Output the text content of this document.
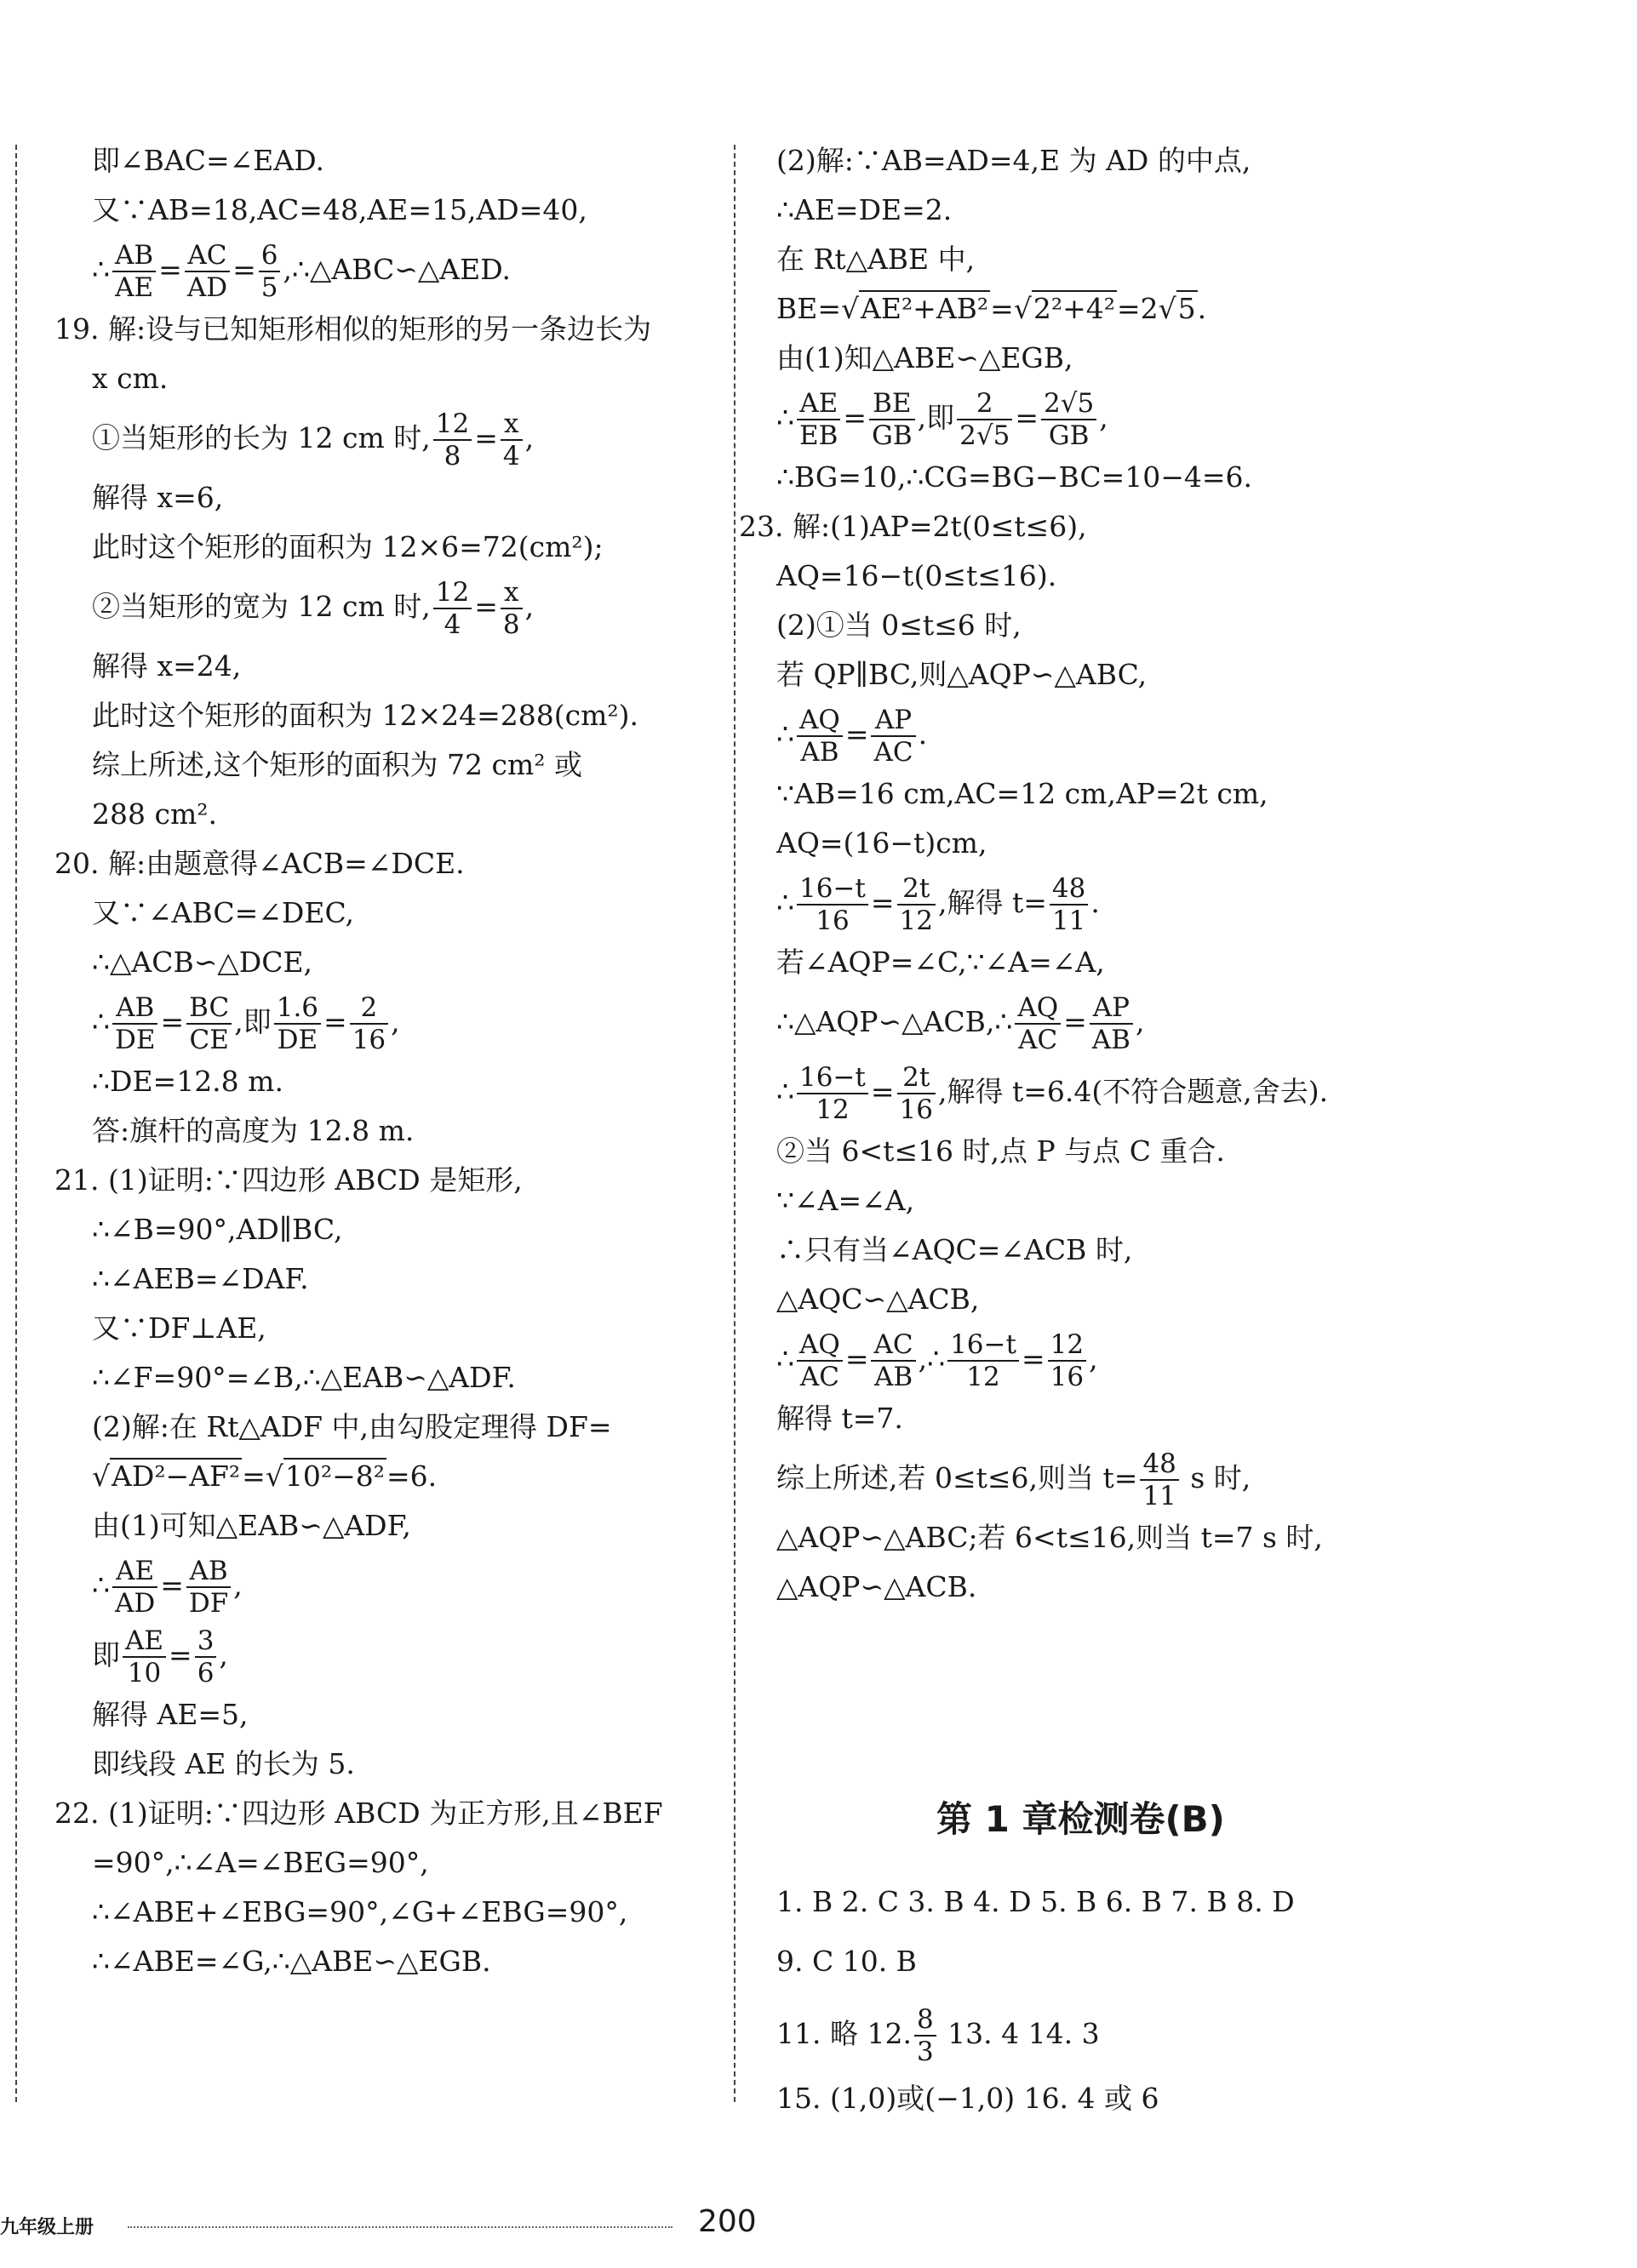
即∠BAC=∠EAD.
又∵AB=18,AC=48,AE=15,AD=40,
∴ $\frac{AB}{AE} = \frac{AC}{AD} = \frac{6}{5}$ ,∴△ABC∽△AED.
19. 解:设与已知矩形相似的矩形的另一条边长为
x cm.
①当矩形的长为 12 cm 时, $\frac{12}{8} = \frac{x}{4}$ ,
解得 x=6,
此时这个矩形的面积为 12×6=72(cm²);
②当矩形的宽为 12 cm 时, $\frac{12}{4} = \frac{x}{8}$ ,
解得 x=24,
此时这个矩形的面积为 12×24=288(cm²).
综上所述,这个矩形的面积为 72 cm² 或
288 cm².
20. 解:由题意得∠ACB=∠DCE.
又∵∠ABC=∠DEC,
∴△ACB∽△DCE,
∴ $\frac{AB}{DE} = \frac{BC}{CE}$ ,即 $\frac{1.6}{DE} = \frac{2}{16}$ ,
∴DE=12.8 m.
答:旗杆的高度为 12.8 m.
21. (1)证明:∵四边形 ABCD 是矩形,
∴∠B=90°,AD∥BC,
∴∠AEB=∠DAF.
又∵DF⊥AE,
∴∠F=90°=∠B,∴△EAB∽△ADF.
(2)解:在 Rt△ADF 中,由勾股定理得 DF=
√AD²−AF²=√10²−8²=6.
由(1)可知△EAB∽△ADF,
∴ $\frac{AE}{AD} = \frac{AB}{DF}$ ,
即 $\frac{AE}{10} = \frac{3}{6}$ ,
解得 AE=5,
即线段 AE 的长为 5.
22. (1)证明:∵四边形 ABCD 为正方形,且∠BEF
=90°,∴∠A=∠BEG=90°,
∴∠ABE+∠EBG=90°,∠G+∠EBG=90°,
∴∠ABE=∠G,∴△ABE∽△EGB.
(2)解:∵AB=AD=4,E 为 AD 的中点,
∴AE=DE=2.
在 Rt△ABE 中,
BE=√AE²+AB²=√2²+4²=2√5.
由(1)知△ABE∽△EGB,
∴ $\frac{AE}{EB} = \frac{BE}{GB}$ ,即 $\frac{2}{2√5} = \frac{2√5}{GB}$ ,
∴BG=10,∴CG=BG−BC=10−4=6.
23. 解:(1)AP=2t(0≤t≤6),
AQ=16−t(0≤t≤16).
(2)①当 0≤t≤6 时,
若 QP∥BC,则△AQP∽△ABC,
∴ $\frac{AQ}{AB} = \frac{AP}{AC}$ .
∵AB=16 cm,AC=12 cm,AP=2t cm,
AQ=(16−t)cm,
∴ $\frac{16-t}{16} = \frac{2t}{12}$ ,解得 $t= \frac{48}{11}$ .
若∠AQP=∠C,∵∠A=∠A,
∴△AQP∽△ACB,∴ $\frac{AQ}{AC} = \frac{AP}{AB}$ ,
∴ $\frac{16-t}{12} = \frac{2t}{16}$ ,解得 t=6.4(不符合题意,舍去).
②当 6<t≤16 时,点 P 与点 C 重合.
∵∠A=∠A,
∴只有当∠AQC=∠ACB 时,
△AQC∽△ACB,
∴ $\frac{AQ}{AC} = \frac{AC}{AB}$ ,∴ $\frac{16-t}{12} = \frac{12}{16}$ ,
解得 t=7.
综上所述,若 0≤t≤6,则当 $t= \frac{48}{11}$ s 时,
△AQP∽△ABC;若 6<t≤16,则当 t=7 s 时,
△AQP∽△ACB.
第 1 章检测卷(B)
1. B 2. C 3. B 4. D 5. B 6. B 7. B 8. D
9. C 10. B
11. 略 12. $\frac{8}{3} 13$. 4 14. 3
15. (1,0)或(−1,0) 16. 4 或 6
九年级上册	200
